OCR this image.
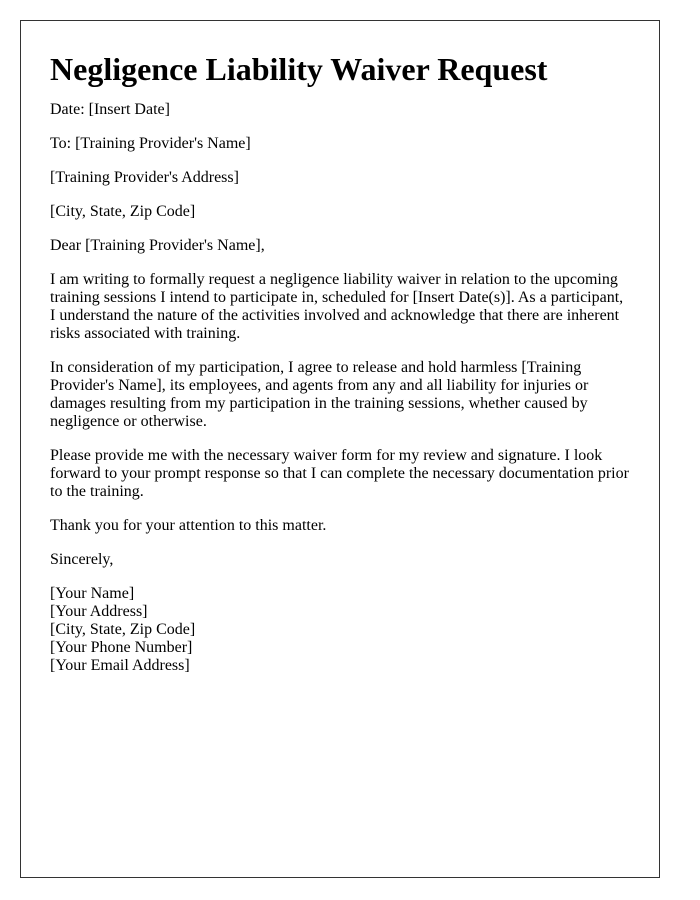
Negligence Liability Waiver Request

Date: [Insert Date]

To: [Training Provider's Name]

[Training Provider's Address]

[City, State, Zip Code]

Dear [Training Provider's Name],

I am writing to formally request a negligence liability waiver in relation to the upcoming training sessions I intend to participate in, scheduled for [Insert Date(s)]. As a participant, I understand the nature of the activities involved and acknowledge that there are inherent risks associated with training.

In consideration of my participation, I agree to release and hold harmless [Training Provider's Name], its employees, and agents from any and all liability for injuries or damages resulting from my participation in the training sessions, whether caused by negligence or otherwise.

Please provide me with the necessary waiver form for my review and signature. I look forward to your prompt response so that I can complete the necessary documentation prior to the training.

Thank you for your attention to this matter.

Sincerely,

[Your Name]

[Your Address]

[City, State, Zip Code]

[Your Phone Number]

[Your Email Address]
